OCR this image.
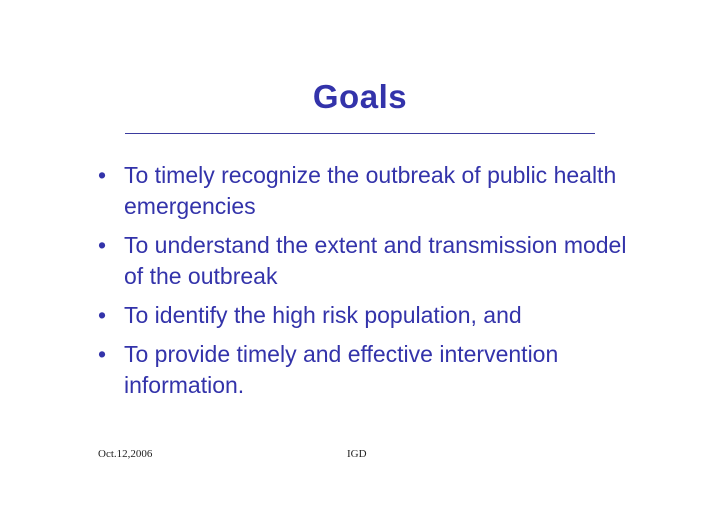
Goals
• To timely recognize the outbreak of public health emergencies
• To understand the extent and transmission model of the outbreak
• To identify the high risk population, and
• To provide timely and effective intervention information.
Oct.12,2006	IGD
